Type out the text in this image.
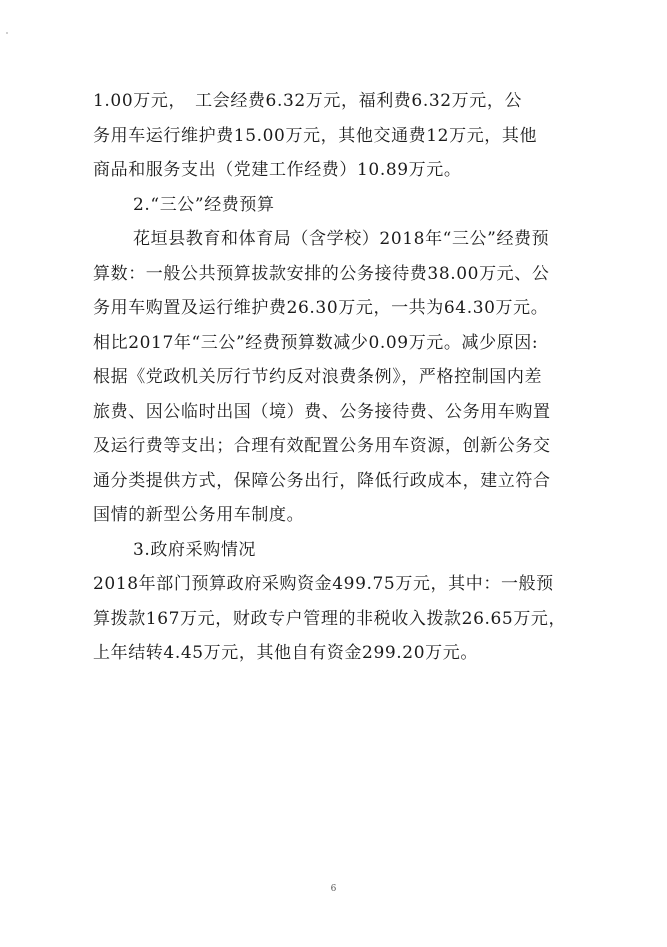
1.00万元，　工会经费6.32万元，福利费6.32万元，公
务用车运行维护费15.00万元，其他交通费12万元，其他
商品和服务支出（党建工作经费）10.89万元。
2.“三公”经费预算
花垣县教育和体育局（含学校）2018年“三公”经费预
算数：一般公共预算拔款安排的公务接待费38.00万元、公
务用车购置及运行维护费26.30万元，一共为64.30万元。
相比2017年“三公”经费预算数减少0.09万元。减少原因:
根据《党政机关厉行节约反对浪费条例》，严格控制国内差
旅费、因公临时出国（境）费、公务接待费、公务用车购置
及运行费等支出；合理有效配置公务用车资源，创新公务交
通分类提供方式，保障公务出行，降低行政成本，建立符合
国情的新型公务用车制度。
3.政府采购情况
2018年部门预算政府采购资金499.75万元，其中：一般预
算拨款167万元，财政专户管理的非税收入拨款26.65万元，
上年结转4.45万元，其他自有资金299.20万元。
6
